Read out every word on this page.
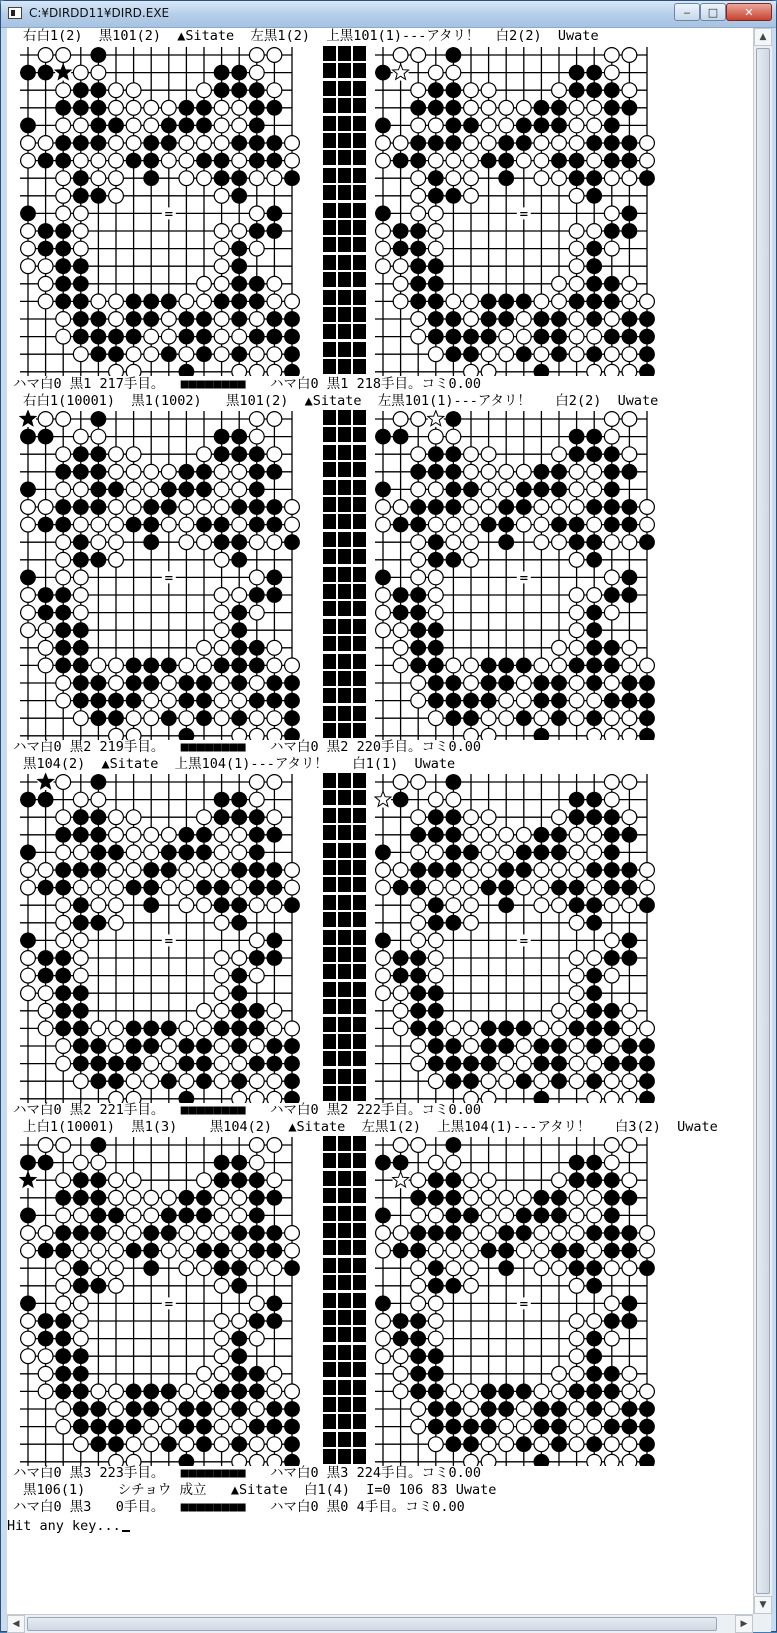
C:¥DIRDD11¥DIRD.EXE	‒ □ ✕
右白1(2)  黒101(2)  ▲Sitate  左黒1(2)  上黒101(1)---アタリ！  白2(2)  Uwate
=	=
ハマ白0 黒1 217手目。  ■■■■■■■■   ハマ白0 黒1 218手目。コミ0.00
右白1(10001)  黒1(1002)   黒101(2)  ▲Sitate  左黒101(1)---アタリ！   白2(2)  Uwate
=	=
ハマ白0 黒2 219手目。  ■■■■■■■■   ハマ白0 黒2 220手目。コミ0.00
黒104(2)  ▲Sitate  上黒104(1)---アタリ！   白1(1)  Uwate
=	=
ハマ白0 黒2 221手目。  ■■■■■■■■   ハマ白0 黒2 222手目。コミ0.00
上白1(10001)  黒1(3)    黒104(2)  ▲Sitate  左黒1(2)  上黒104(1)---アタリ！   白3(2)  Uwate
=	=
ハマ白0 黒3 223手目。  ■■■■■■■■   ハマ白0 黒3 224手目。コミ0.00
黒106(1)    シチョウ 成立   ▲Sitate  白1(4)  I=0 106 83 Uwate
ハマ白0 黒3   0手目。  ■■■■■■■■   ハマ白0 黒0 4手目。コミ0.00
Hit any key...
▲
▼
◀	▶
